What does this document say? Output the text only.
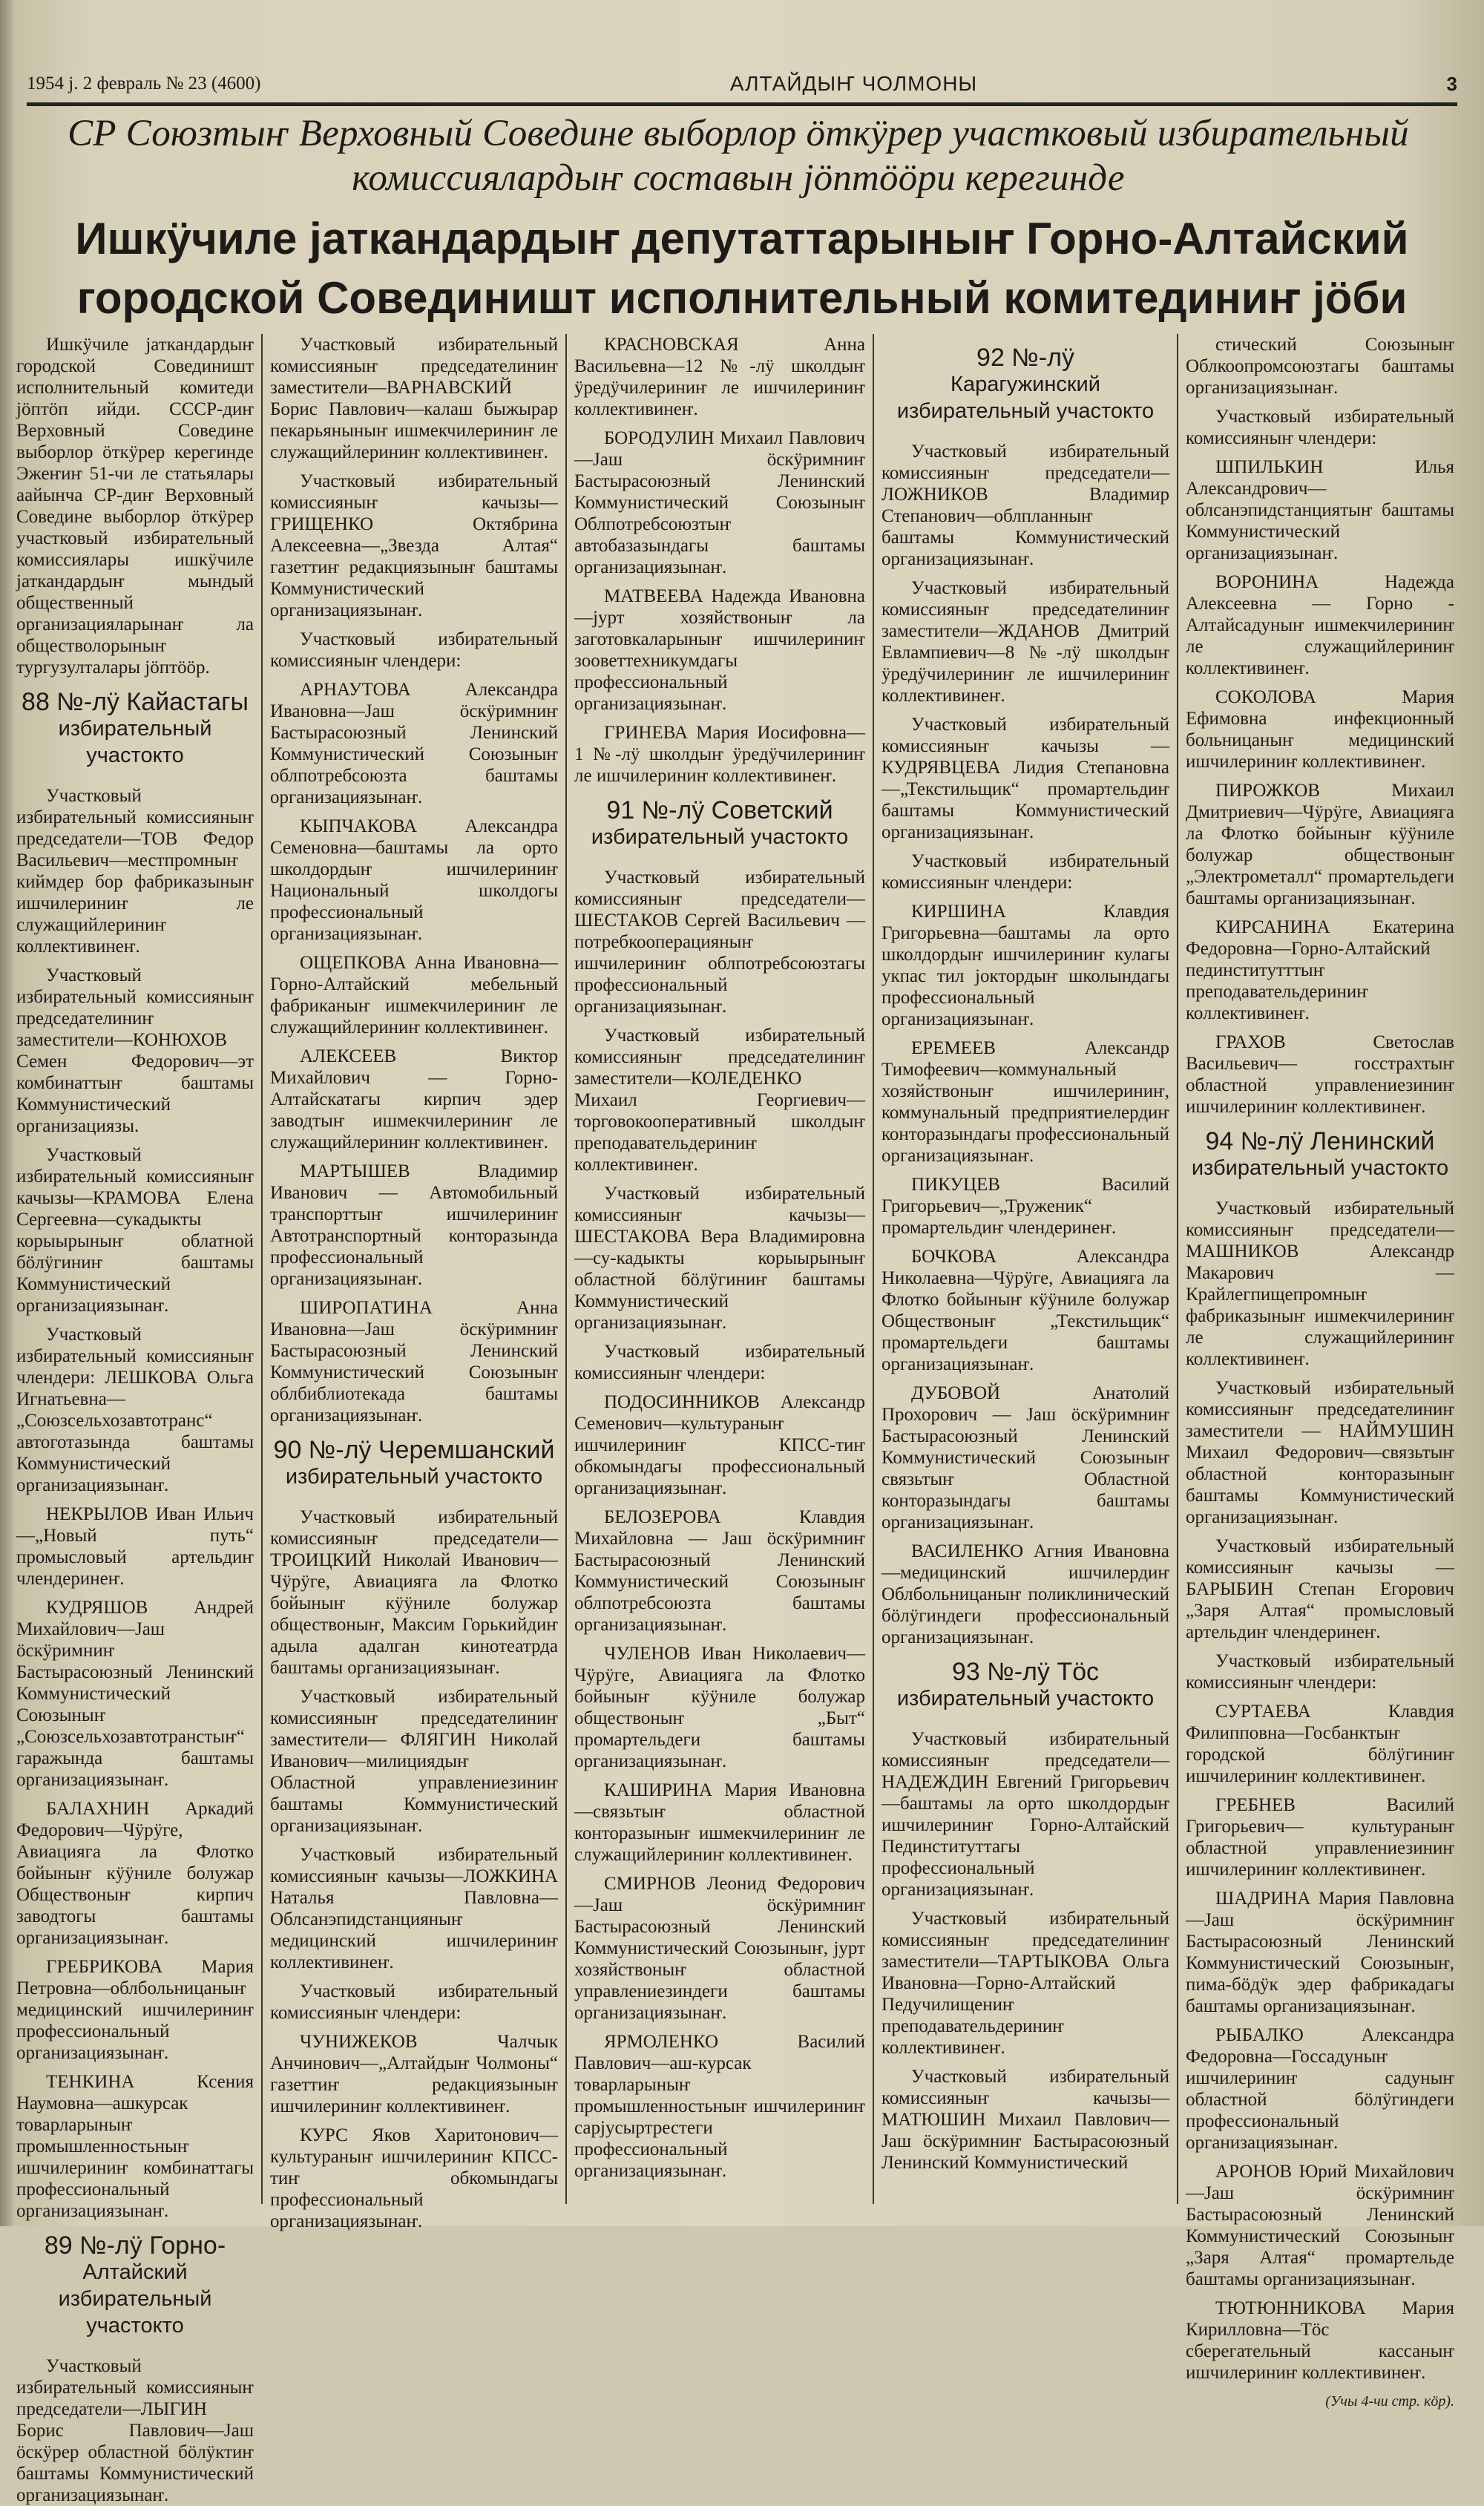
1954 j. 2 февраль № 23 (4600)	АЛТАЙДЫҤ ЧОЛМОНЫ	3
СР Союзтыҥ Верховный Соведине выборлор ӧткӱрер участковый избирательный комиссиялардыҥ составын јӧптӧӧри керегинде
Ишкӱчиле јаткандардыҥ депутаттарыныҥ Горно-Алтайский городской Совединишт исполнительный комитединиҥ јӧби

Ишкӱчиле јаткандардыҥ городской Совединишт исполнительный комитеди јӧптӧп ийди. СССР-диҥ Верховный Соведине выборлор ӧткӱрер керегинде Эжеҥиҥ 51-чи ле статьялары аайынча СР-диҥ Верховный Соведине выборлор ӧткӱрер участковый избирательный комиссиялары ишкӱчиле јаткандардыҥ мындый общественный организацияларынаҥ ла обществолорыныҥ тургузулталары јӧптӧӧр.

88 №-лӱ Кайастагы
избирательный участокто

Участковый избирательный комиссияныҥ председатели—ТОВ Федор Васильевич—местпромныҥ киймдер бор фабриказыныҥ ишчилериниҥ ле служащийлериниҥ коллективинеҥ.

Участковый избирательный комиссияныҥ председателиниҥ заместители—КОНЮХОВ Семен Федорович—эт комбинаттыҥ баштамы Коммунистический организациязы.

Участковый избирательный комиссияныҥ качызы—КРАМОВА Елена Сергеевна—сукадыкты корыырыныҥ облатной бӧлӱгиниҥ баштамы Коммунистический организациязынаҥ.

Участковый избирательный комиссияныҥ члендери: ЛЕШКОВА Ольга Игнатьевна—„Союзсельхозавтотранс“ автоготазында баштамы Коммунистический организациязынаҥ.

НЕКРЫЛОВ Иван Ильич—„Новый путь“ промысловый артельдиҥ члендеринеҥ.

КУДРЯШОВ Андрей Михайлович—Јаш ӧскӱримниҥ Бастырасоюзный Ленинский Коммунистический Союзыныҥ „Союзсельхозавтотранстыҥ“ гаражында баштамы организациязынаҥ.

БАЛАХНИН Аркадий Федорович—Чӱрӱге, Авиацияга ла Флотко бойыныҥ кӱӱниле болужар Обществоныҥ кирпич заводтогы баштамы организациязынаҥ.

ГРЕБРИКОВА Мария Петровна—облбольницаныҥ медицинский ишчилериниҥ профессиональный организациязынаҥ.

ТЕНКИНА Ксения Наумовна—ашкурсак товарларыныҥ промышленностьныҥ ишчилериниҥ комбинаттагы профессиональный организациязынаҥ.

89 №-лӱ Горно-
Алтайский избирательный участокто

Участковый избирательный комиссияныҥ председатели—ЛЫГИН Борис Павлович—Јаш ӧскӱрер областной бӧлӱктиҥ баштамы Коммунистический организациязынаҥ.

Участковый избирательный комиссияныҥ председателиниҥ заместители—ВАРНАВСКИЙ Борис Павлович—калаш быжырар пекарьяныныҥ ишмекчилериниҥ ле служащийлериниҥ коллективинеҥ.

Участковый избирательный комиссияныҥ качызы—ГРИЩЕНКО Октябрина Алексеевна—„Звезда Алтая“ газеттиҥ редакциязыныҥ баштамы Коммунистический организациязынаҥ.

Участковый избирательный комиссияныҥ члендери:

АРНАУТОВА Александра Ивановна—Јаш ӧскӱримниҥ Бастырасоюзный Ленинский Коммунистический Союзыныҥ облпотребсоюзта баштамы организациязынаҥ.

КЫПЧАКОВА Александра Семеновна—баштамы ла орто школдордыҥ ишчилериниҥ Национальный школдогы профессиональный организациязынаҥ.

ОЩЕПКОВА Анна Ивановна—Горно-Алтайский мебельный фабриканыҥ ишмекчилериниҥ ле служащийлериниҥ коллективинеҥ.

АЛЕКСЕЕВ Виктор Михайлович — Горно-Алтайскатагы кирпич эдер заводтыҥ ишмекчилериниҥ ле служащийлериниҥ коллективинеҥ.

МАРТЫШЕВ Владимир Иванович — Автомобильный транспорттыҥ ишчилериниҥ Автотранспортный конторазында профессиональный организациязынаҥ.

ШИРОПАТИНА Анна Ивановна—Јаш ӧскӱримниҥ Бастырасоюзный Ленинский Коммунистический Союзыныҥ облбиблиотекада баштамы организациязынаҥ.

90 №-лӱ Черемшанский
избирательный участокто

Участковый избирательный комиссияныҥ председатели—ТРОИЦКИЙ Николай Иванович—Чӱрӱге, Авиацияга ла Флотко бойыныҥ кӱӱниле болужар обществоныҥ, Максим Горькийдиҥ адыла адалган кинотеатрда баштамы организациязынаҥ.

Участковый избирательный комиссияныҥ председателиниҥ заместители— ФЛЯГИН Николай Иванович—милициядыҥ Областной управлениезиниҥ баштамы Коммунистический организациязынаҥ.

Участковый избирательный комиссияныҥ качызы—ЛОЖКИНА Наталья Павловна—Облсанэпидстанцияныҥ медицинский ишчилериниҥ коллективинеҥ.

Участковый избирательный комиссияныҥ члендери:

ЧУНИЖЕКОВ Чалчык Анчинович—„Алтайдыҥ Чолмоны“ газеттиҥ редакциязыныҥ ишчилериниҥ коллективинеҥ.

КУРС Яков Харитонович—культураныҥ ишчилериниҥ КПСС-тиҥ обкомындагы профессиональный организациязынаҥ.

КРАСНОВСКАЯ Анна Васильевна—12 №-лӱ школдыҥ ӱредӱчилериниҥ ле ишчилериниҥ коллективинеҥ.

БОРОДУЛИН Михаил Павлович—Јаш ӧскӱримниҥ Бастырасоюзный Ленинский Коммунистический Союзыныҥ Облпотребсоюзтыҥ автобазазындагы баштамы организациязынаҥ.

МАТВЕЕВА Надежда Ивановна—јурт хозяйствоныҥ ла заготовкаларыныҥ ишчилериниҥ зооветтехникумдагы профессиональный организациязынаҥ.

ГРИНЕВА Мария Иосифовна— 1 №-лӱ школдыҥ ӱредӱчилериниҥ ле ишчилериниҥ коллективинеҥ.

91 №-лӱ Советский
избирательный участокто

Участковый избирательный комиссияныҥ председатели—ШЕСТАКОВ Сергей Васильевич — потребкооперацияныҥ ишчилериниҥ облпотребсоюзтагы профессиональный организациязынаҥ.

Участковый избирательный комиссияныҥ председателиниҥ заместители—КОЛЕДЕНКО Михаил Георгиевич—торговокооперативный школдыҥ преподавательдериниҥ коллективинеҥ.

Участковый избирательный комиссияныҥ качызы—ШЕСТАКОВА Вера Владимировна—су-кадыкты корыырыныҥ областной бӧлӱгиниҥ баштамы Коммунистический организациязынаҥ.

Участковый избирательный комиссияныҥ члендери:

ПОДОСИННИКОВ Александр Семенович—культураныҥ ишчилериниҥ КПСС-тиҥ обкомындагы профессиональный организациязынаҥ.

БЕЛОЗЕРОВА Клавдия Михайловна — Јаш ӧскӱримниҥ Бастырасоюзный Ленинский Коммунистический Союзыныҥ облпотребсоюзта баштамы организациязынаҥ.

ЧУЛЕНОВ Иван Николаевич—Чӱрӱге, Авиацияга ла Флотко бойыныҥ кӱӱниле болужар обществоныҥ „Быт“ промартельдеги баштамы организациязынаҥ.

КАШИРИНА Мария Ивановна—связьтыҥ областной конторазыныҥ ишмекчилериниҥ ле служащийлериниҥ коллективинеҥ.

СМИРНОВ Леонид Федорович—Јаш ӧскӱримниҥ Бастырасоюзный Ленинский Коммунистический Союзыныҥ, јурт хозяйствоныҥ областной управлениезиндеги баштамы организациязынаҥ.

ЯРМОЛЕНКО Василий Павлович—аш-курсак товарларыныҥ промышленностьныҥ ишчилериниҥ сарјусыртрестеги профессиональный организациязынаҥ.

92 №-лӱ
Карагужинский избирательный участокто

Участковый избирательный комиссияныҥ председатели—ЛОЖНИКОВ Владимир Степанович—облпланныҥ баштамы Коммунистический организациязынаҥ.

Участковый избирательный комиссияныҥ председателиниҥ заместители—ЖДАНОВ Дмитрий Евлампиевич—8 №-лӱ школдыҥ ӱредӱчилериниҥ ле ишчилериниҥ коллективинеҥ.

Участковый избирательный комиссияныҥ качызы — КУДРЯВЦЕВА Лидия Степановна—„Текстильщик“ промартельдиҥ баштамы Коммунистический организациязынаҥ.

Участковый избирательный комиссияныҥ члендери:

КИРШИНА Клавдия Григорьевна—баштамы ла орто школдордыҥ ишчилериниҥ кулагы укпас тил јоктордыҥ школындагы профессиональный организациязынаҥ.

ЕРЕМЕЕВ Александр Тимофеевич—коммунальный хозяйствоныҥ ишчилериниҥ, коммунальный предприятиелердиҥ конторазындагы профессиональный организациязынаҥ.

ПИКУЦЕВ Василий Григорьевич—„Труженик“ промартельдиҥ члендеринеҥ.

БОЧКОВА Александра Николаевна—Чӱрӱге, Авиацияга ла Флотко бойыныҥ кӱӱниле болужар Обществоныҥ „Текстильщик“ промартельдеги баштамы организациязынаҥ.

ДУБОВОЙ Анатолий Прохорович — Јаш ӧскӱримниҥ Бастырасоюзный Ленинский Коммунистический Союзыныҥ связьтыҥ Областной конторазындагы баштамы организациязынаҥ.

ВАСИЛЕНКО Агния Ивановна—медицинский ишчилердиҥ Облбольницаныҥ поликлинический бӧлӱгиндеги профессиональный организациязынаҥ.

93 №-лӱ Тӧс
избирательный участокто

Участковый избирательный комиссияныҥ председатели—НАДЕЖДИН Евгений Григорьевич—баштамы ла орто школдордыҥ ишчилериниҥ Горно-Алтайский Пединституттагы профессиональный организациязынаҥ.

Участковый избирательный комиссияныҥ председателиниҥ заместители—ТАРТЫКОВА Ольга Ивановна—Горно-Алтайский Педучилищениҥ преподавательдериниҥ коллективинеҥ.

Участковый избирательный комиссияныҥ качызы—МАТЮШИН Михаил Павлович—Јаш ӧскӱримниҥ Бастырасоюзный Ленинский Коммунистический

стический Союзыныҥ Облкоопромсоюзтагы баштамы организациязынаҥ.

Участковый избирательный комиссияныҥ члендери:

ШПИЛЬКИН Илья Александрович— облсанэпидстанциятыҥ баштамы Коммунистический организациязынаҥ.

ВОРОНИНА Надежда Алексеевна — Горно - Алтайсадуныҥ ишмекчилериниҥ ле служащийлериниҥ коллективинеҥ.

СОКОЛОВА Мария Ефимовна инфекционный больницаныҥ медицинский ишчилериниҥ коллективинеҥ.

ПИРОЖКОВ Михаил Дмитриевич—Чӱрӱге, Авиацияга ла Флотко бойыныҥ кӱӱниле болужар обществоныҥ „Электрометалл“ промартельдеги баштамы организациязынаҥ.

КИРСАНИНА Екатерина Федоровна—Горно-Алтайский пединститутттыҥ преподавательдериниҥ коллективинеҥ.

ГРАХОВ Светослав Васильевич— госстрахтыҥ областной управлениезиниҥ ишчилериниҥ коллективинеҥ.

94 №-лӱ Ленинский
избирательный участокто

Участковый избирательный комиссияныҥ председатели—МАШНИКОВ Александр Макарович — Крайлегпищепромныҥ фабриказыныҥ ишмекчилериниҥ ле служащийлериниҥ коллективинеҥ.

Участковый избирательный комиссияныҥ председателиниҥ заместители — НАЙМУШИН Михаил Федорович—связьтыҥ областной конторазыныҥ баштамы Коммунистический организациязынаҥ.

Участковый избирательный комиссияныҥ качызы — БАРЫБИН Степан Егорович „Заря Алтая“ промысловый артельдиҥ члендеринеҥ.

Участковый избирательный комиссияныҥ члендери:

СУРТАЕВА Клавдия Филипповна—Госбанктыҥ городской бӧлӱгиниҥ ишчилериниҥ коллективинеҥ.

ГРЕБНЕВ Василий Григорьевич— культураныҥ областной управлениезиниҥ ишчилериниҥ коллективинеҥ.

ШАДРИНА Мария Павловна—Јаш ӧскӱримниҥ Бастырасоюзный Ленинский Коммунистический Союзыныҥ, пимa-бӧдӱк эдер фабрикадагы баштамы организациязынаҥ.

РЫБАЛКО Александра Федоровна—Госсадуныҥ ишчилериниҥ садуныҥ областной бӧлӱгиндеги профессиональный организациязынаҥ.

АРОНОВ Юрий Михайлович—Јаш ӧскӱримниҥ Бастырасоюзный Ленинский Коммунистический Союзыныҥ „Заря Алтая“ промартельде баштамы организациязынаҥ.

ТЮТЮННИКОВА Мария Кирилловна—Тӧс сберегательный кассаныҥ ишчилериниҥ коллективинеҥ.

(Учы 4-чи стр. кӧр).
